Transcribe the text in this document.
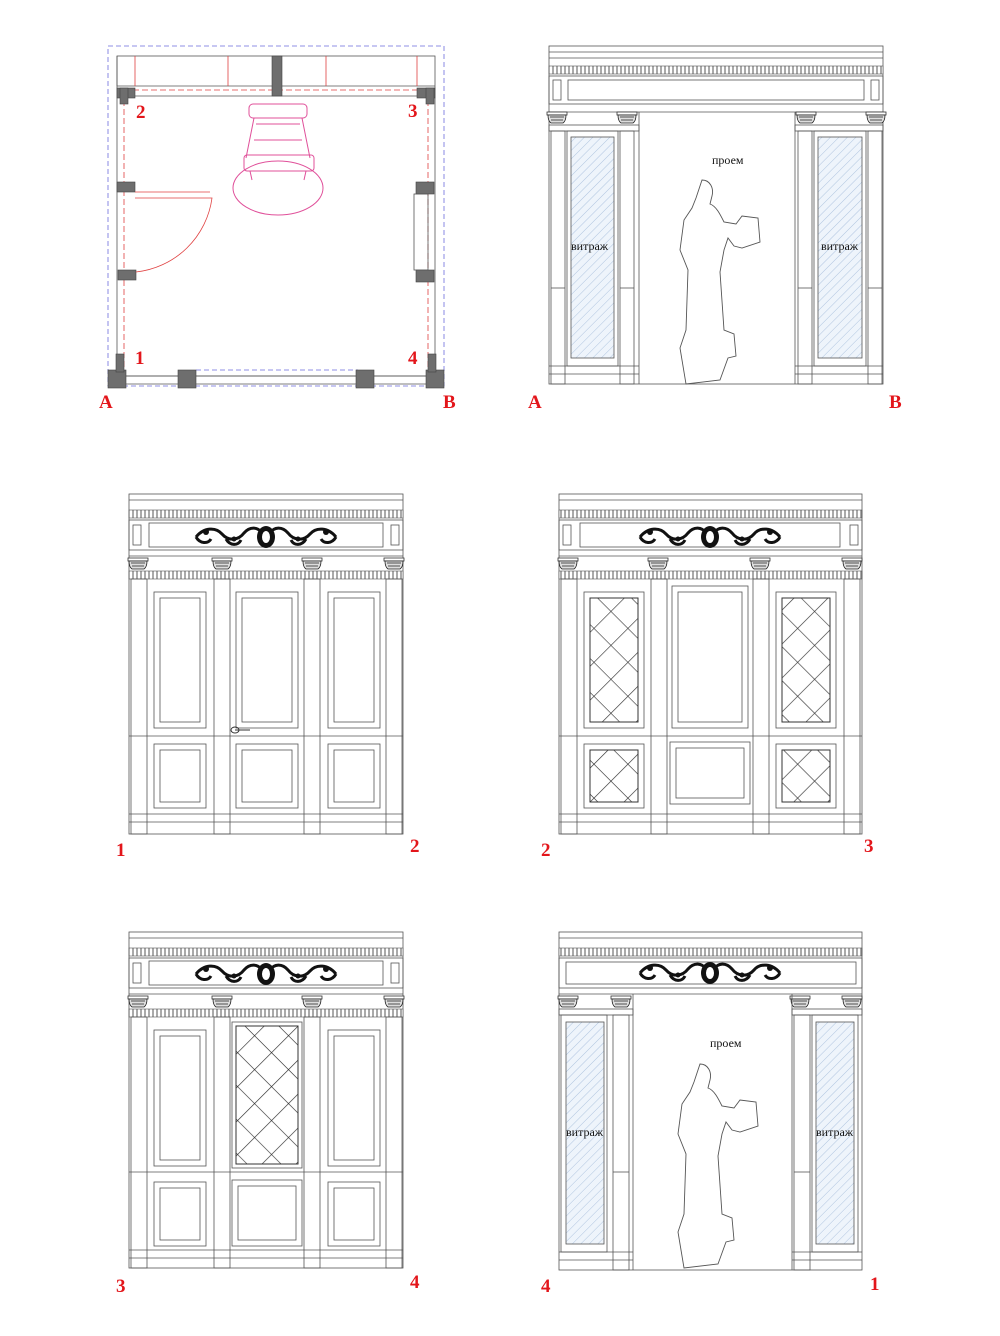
A	B
2	3
1	4
проем
витраж	витраж
A	B
1	2	2	3
3	4
проем
витраж	витраж
4	1
